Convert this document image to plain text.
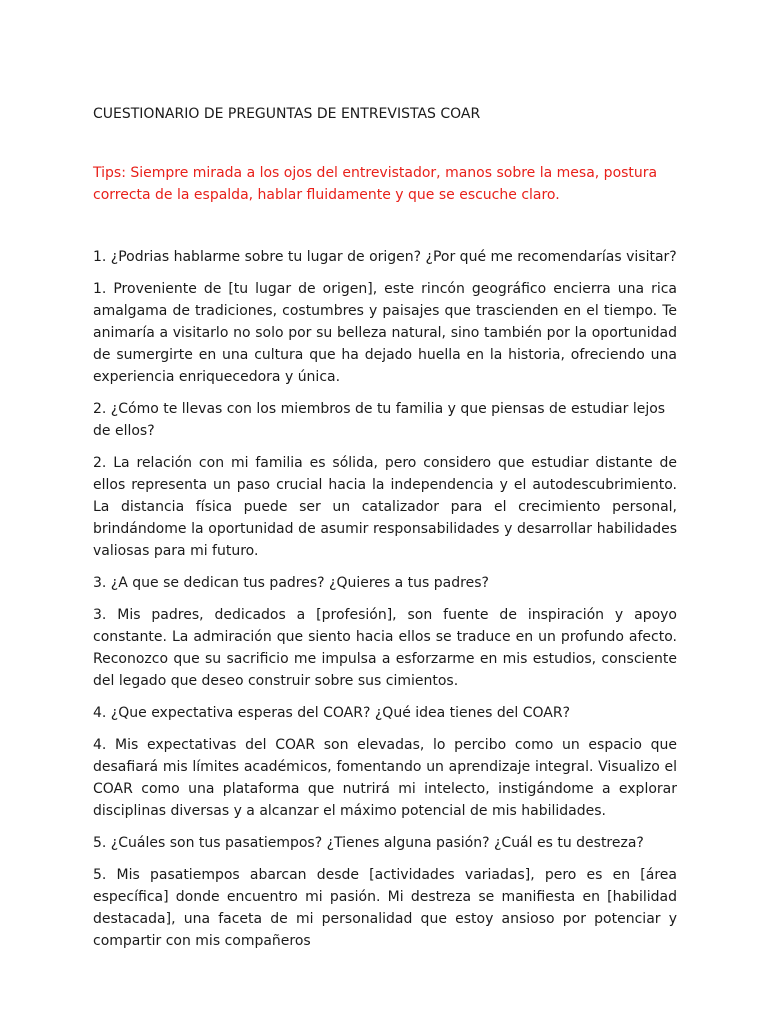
CUESTIONARIO DE PREGUNTAS DE ENTREVISTAS COAR

Tips: Siempre mirada a los ojos del entrevistador, manos sobre la mesa, postura correcta de la espalda, hablar fluidamente y que se escuche claro.

1. ¿Podrias hablarme sobre tu lugar de origen? ¿Por qué me recomendarías visitar?

1. Proveniente de [tu lugar de origen], este rincón geográfico encierra una rica amalgama de tradiciones, costumbres y paisajes que trascienden en el tiempo. Te animaría a visitarlo no solo por su belleza natural, sino también por la oportunidad de sumergirte en una cultura que ha dejado huella en la historia, ofreciendo una experiencia enriquecedora y única.

2. ¿Cómo te llevas con los miembros de tu familia y que piensas de estudiar lejos de ellos?

2. La relación con mi familia es sólida, pero considero que estudiar distante de ellos representa un paso crucial hacia la independencia y el autodescubrimiento. La distancia física puede ser un catalizador para el crecimiento personal, brindándome la oportunidad de asumir responsabilidades y desarrollar habilidades valiosas para mi futuro.

3. ¿A que se dedican tus padres? ¿Quieres a tus padres?

3. Mis padres, dedicados a [profesión], son fuente de inspiración y apoyo constante. La admiración que siento hacia ellos se traduce en un profundo afecto. Reconozco que su sacrificio me impulsa a esforzarme en mis estudios, consciente del legado que deseo construir sobre sus cimientos.

4. ¿Que expectativa esperas del COAR? ¿Qué idea tienes del COAR?

4. Mis expectativas del COAR son elevadas, lo percibo como un espacio que desafiará mis límites académicos, fomentando un aprendizaje integral. Visualizo el COAR como una plataforma que nutrirá mi intelecto, instigándome a explorar disciplinas diversas y a alcanzar el máximo potencial de mis habilidades.

5. ¿Cuáles son tus pasatiempos? ¿Tienes alguna pasión? ¿Cuál es tu destreza?

5. Mis pasatiempos abarcan desde [actividades variadas], pero es en [área específica] donde encuentro mi pasión. Mi destreza se manifiesta en [habilidad destacada], una faceta de mi personalidad que estoy ansioso por potenciar y compartir con mis compañeros
